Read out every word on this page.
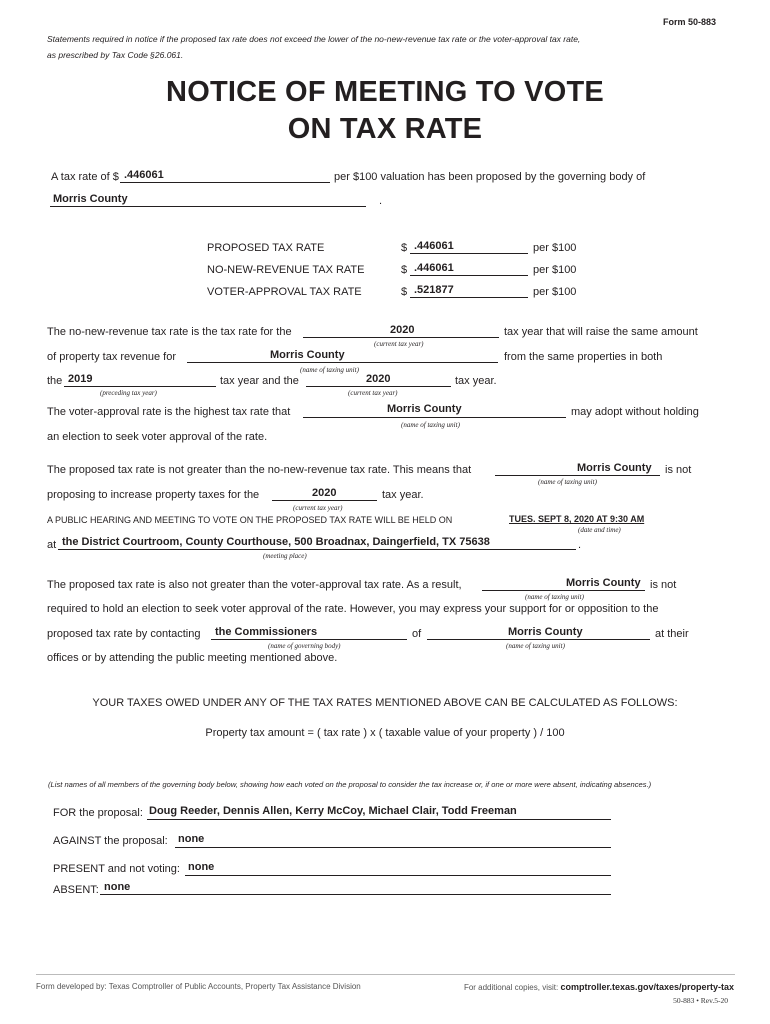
Form 50-883
Statements required in notice if the proposed tax rate does not exceed the lower of the no-new-revenue tax rate or the voter-approval tax rate,
as prescribed by Tax Code §26.061.
NOTICE OF MEETING TO VOTE
ON TAX RATE
A tax rate of $ .446061	per $100 valuation has been proposed by the governing body of
Morris County	.
PROPOSED TAX RATE	$ .446061	per $100
NO-NEW-REVENUE TAX RATE	$ .446061	per $100
VOTER-APPROVAL TAX RATE	$ .521877	per $100
The no-new-revenue tax rate is the tax rate for the	2020
(current tax year)
tax year that will raise the same amount
of property tax revenue for	Morris County
(name of taxing unit)
from the same properties in both
the 2019
(preceding tax year)
tax year and the	2020
(current tax year)
tax year.
The voter-approval rate is the highest tax rate that	Morris County
(name of taxing unit)
may adopt without holding
an election to seek voter approval of the rate.
The proposed tax rate is not greater than the no-new-revenue tax rate. This means that	Morris County
(name of taxing unit)
is not
proposing to increase property taxes for the	2020
(current tax year)
tax year.
A PUBLIC HEARING AND MEETING TO VOTE ON THE PROPOSED TAX RATE WILL BE HELD ON	TUES. SEPT 8, 2020 AT 9:30 AM
(date and time)
at the District Courtroom, County Courthouse, 500 Broadnax, Daingerfield, TX 75638	.
(meeting place)
The proposed tax rate is also not greater than the voter-approval tax rate. As a result,	Morris County
(name of taxing unit)
is not
required to hold an election to seek voter approval of the rate. However, you may express your support for or opposition to the
proposed tax rate by contacting the Commissioners
(name of governing body)
of	Morris County
(name of taxing unit)
at their
offices or by attending the public meeting mentioned above.
YOUR TAXES OWED UNDER ANY OF THE TAX RATES MENTIONED ABOVE CAN BE CALCULATED AS FOLLOWS:
Property tax amount = ( tax rate ) x ( taxable value of your property ) / 100
(List names of all members of the governing body below, showing how each voted on the proposal to consider the tax increase or, if one or more were absent, indicating absences.)
FOR the proposal: Doug Reeder, Dennis Allen, Kerry McCoy, Michael Clair, Todd Freeman
AGAINST the proposal: none
PRESENT and not voting: none
ABSENT: none
Form developed by: Texas Comptroller of Public Accounts, Property Tax Assistance Division	For additional copies, visit: comptroller.texas.gov/taxes/property-tax
50-883 • Rev.5-20
